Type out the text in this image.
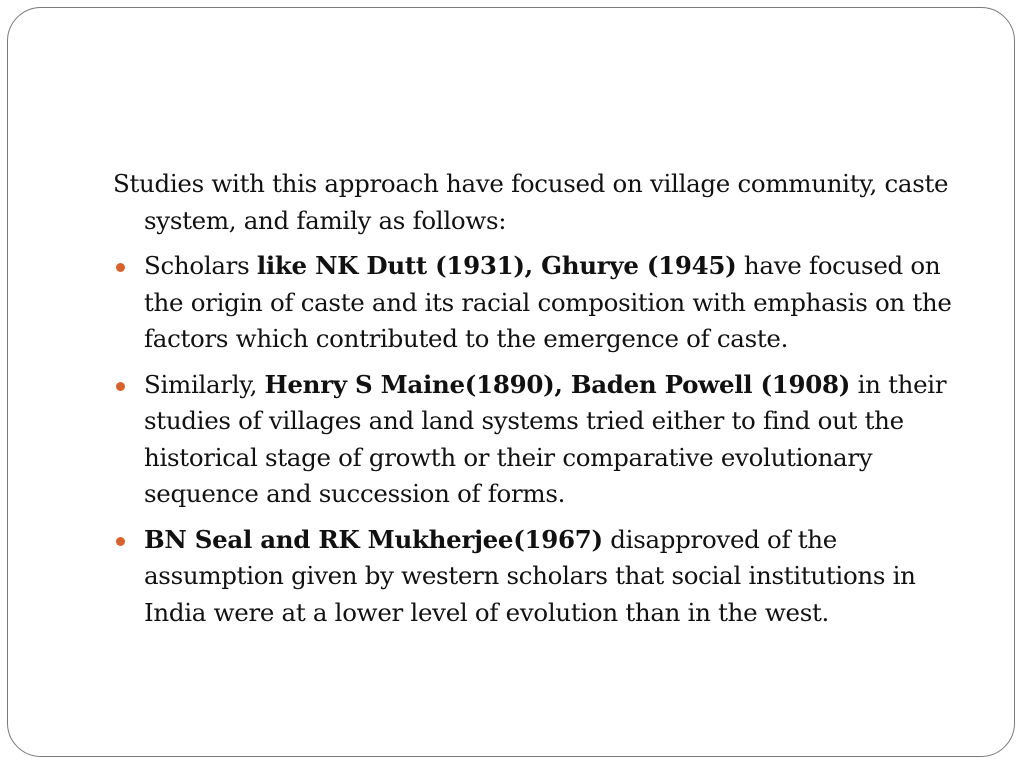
Studies with this approach have focused on village community, caste system, and family as follows:

Scholars like NK Dutt (1931), Ghurye (1945) have focused on the origin of caste and its racial composition with emphasis on the factors which contributed to the emergence of caste.
Similarly, Henry S Maine(1890), Baden Powell (1908) in their studies of villages and land systems tried either to find out the historical stage of growth or their comparative evolutionary sequence and succession of forms.
BN Seal and RK Mukherjee(1967) disapproved of the assumption given by western scholars that social institutions in India were at a lower level of evolution than in the west.
